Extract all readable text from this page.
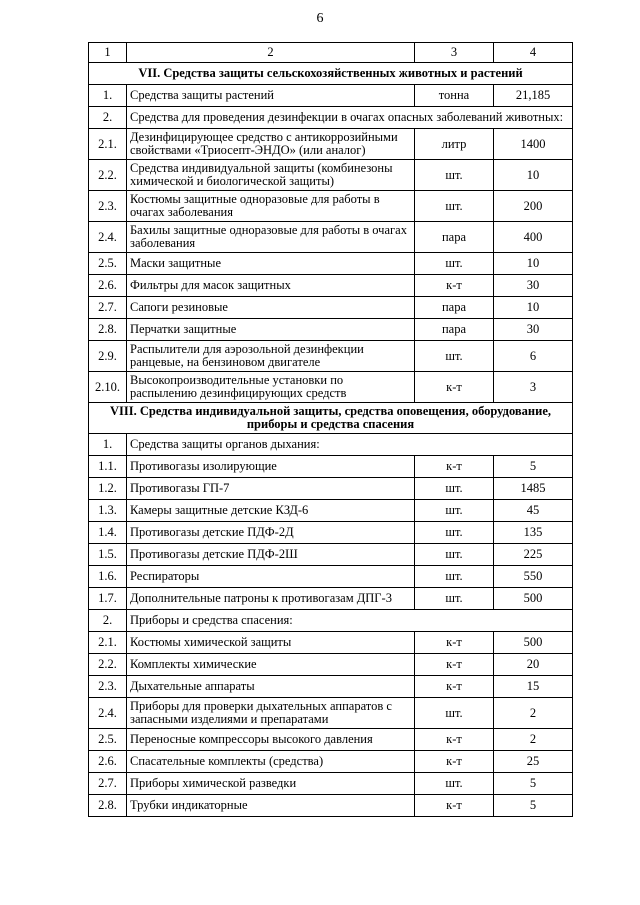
6
1	2	3	4
VII. Средства защиты сельскохозяйственных животных и растений			
1.	Средства защиты растений	тонна	21,185
2.	Средства для проведения дезинфекции в очагах опасных заболеваний животных:		
2.1.	Дезинфицирующее средство с антикоррозийными свойствами «Триосепт-ЭНДО» (или аналог)	литр	1400
2.2.	Средства индивидуальной защиты (комбинезоны химической и биологической защиты)	шт.	10
2.3.	Костюмы защитные одноразовые для работы в очагах заболевания	шт.	200
2.4.	Бахилы защитные одноразовые для работы в очагах заболевания	пара	400
2.5.	Маски защитные	шт.	10
2.6.	Фильтры для масок защитных	к-т	30
2.7.	Сапоги резиновые	пара	10
2.8.	Перчатки защитные	пара	30
2.9.	Распылители для аэрозольной дезинфекции ранцевые, на бензиновом двигателе	шт.	6
2.10.	Высокопроизводительные установки по распылению дезинфицирующих средств	к-т	3
VIII. Средства индивидуальной защиты, средства оповещения, оборудование, приборы и средства спасения			
1.	Средства защиты органов дыхания:		
1.1.	Противогазы изолирующие	к-т	5
1.2.	Противогазы ГП-7	шт.	1485
1.3.	Камеры защитные детские КЗД-6	шт.	45
1.4.	Противогазы детские ПДФ-2Д	шт.	135
1.5.	Противогазы детские ПДФ-2Ш	шт.	225
1.6.	Респираторы	шт.	550
1.7.	Дополнительные патроны к противогазам ДПГ-3	шт.	500
2.	Приборы и средства спасения:		
2.1.	Костюмы химической защиты	к-т	500
2.2.	Комплекты химические	к-т	20
2.3.	Дыхательные аппараты	к-т	15
2.4.	Приборы для проверки дыхательных аппаратов с запасными изделиями и препаратами	шт.	2
2.5.	Переносные компрессоры высокого давления	к-т	2
2.6.	Спасательные комплекты (средства)	к-т	25
2.7.	Приборы химической разведки	шт.	5
2.8.	Трубки индикаторные	к-т	5
